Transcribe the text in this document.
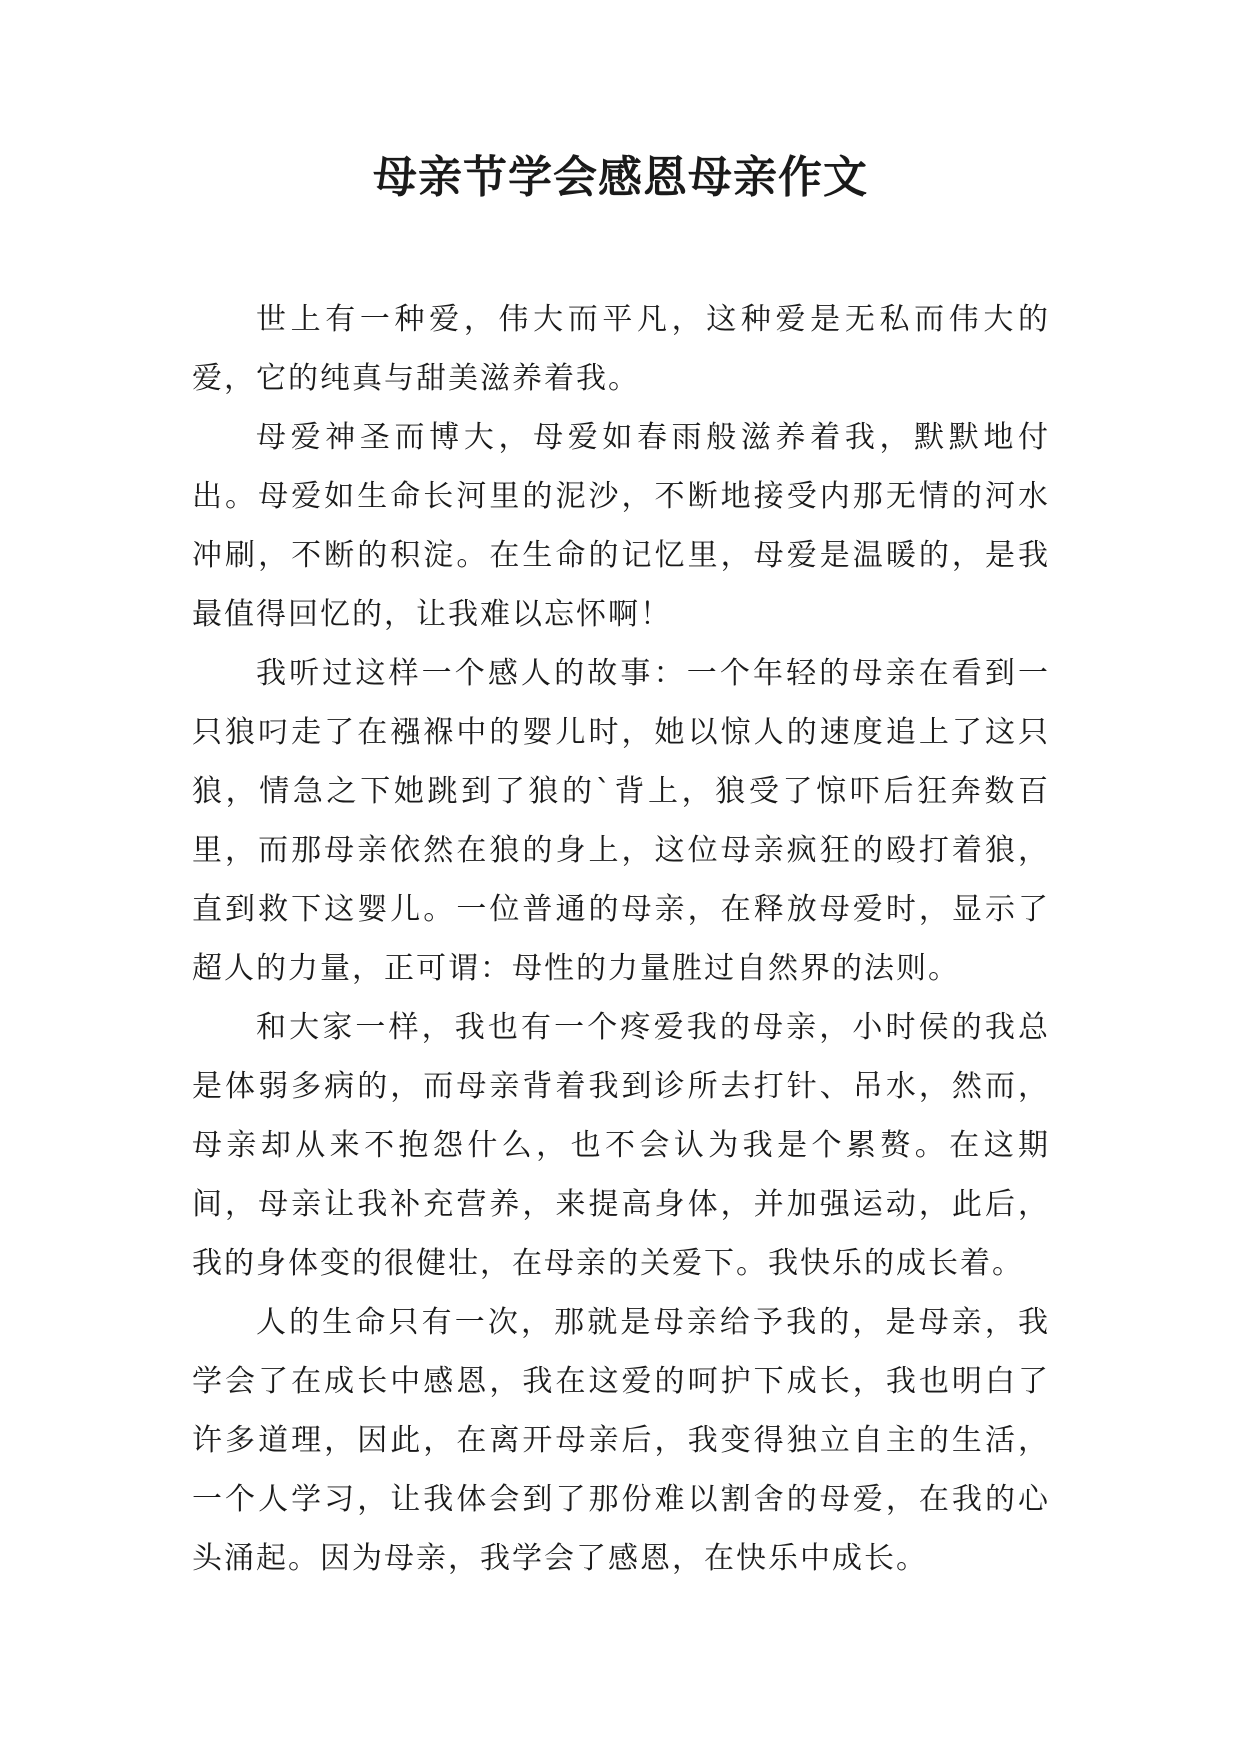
母亲节学会感恩母亲作文

世上有一种爱，伟大而平凡，这种爱是无私而伟大的爱，它的纯真与甜美滋养着我。

母爱神圣而博大，母爱如春雨般滋养着我，默默地付出。母爱如生命长河里的泥沙，不断地接受内那无情的河水冲刷，不断的积淀。在生命的记忆里，母爱是温暖的，是我最值得回忆的，让我难以忘怀啊！

我听过这样一个感人的故事：一个年轻的母亲在看到一只狼叼走了在襁褓中的婴儿时，她以惊人的速度追上了这只狼，情急之下她跳到了狼的`背上，狼受了惊吓后狂奔数百里，而那母亲依然在狼的身上，这位母亲疯狂的殴打着狼，直到救下这婴儿。一位普通的母亲，在释放母爱时，显示了超人的力量，正可谓：母性的力量胜过自然界的法则。

和大家一样，我也有一个疼爱我的母亲，小时侯的我总是体弱多病的，而母亲背着我到诊所去打针、吊水，然而，母亲却从来不抱怨什么，也不会认为我是个累赘。在这期间，母亲让我补充营养，来提高身体，并加强运动，此后，我的身体变的很健壮，在母亲的关爱下。我快乐的成长着。

人的生命只有一次，那就是母亲给予我的，是母亲，我学会了在成长中感恩，我在这爱的呵护下成长，我也明白了许多道理，因此，在离开母亲后，我变得独立自主的生活，一个人学习，让我体会到了那份难以割舍的母爱，在我的心头涌起。因为母亲，我学会了感恩，在快乐中成长。
